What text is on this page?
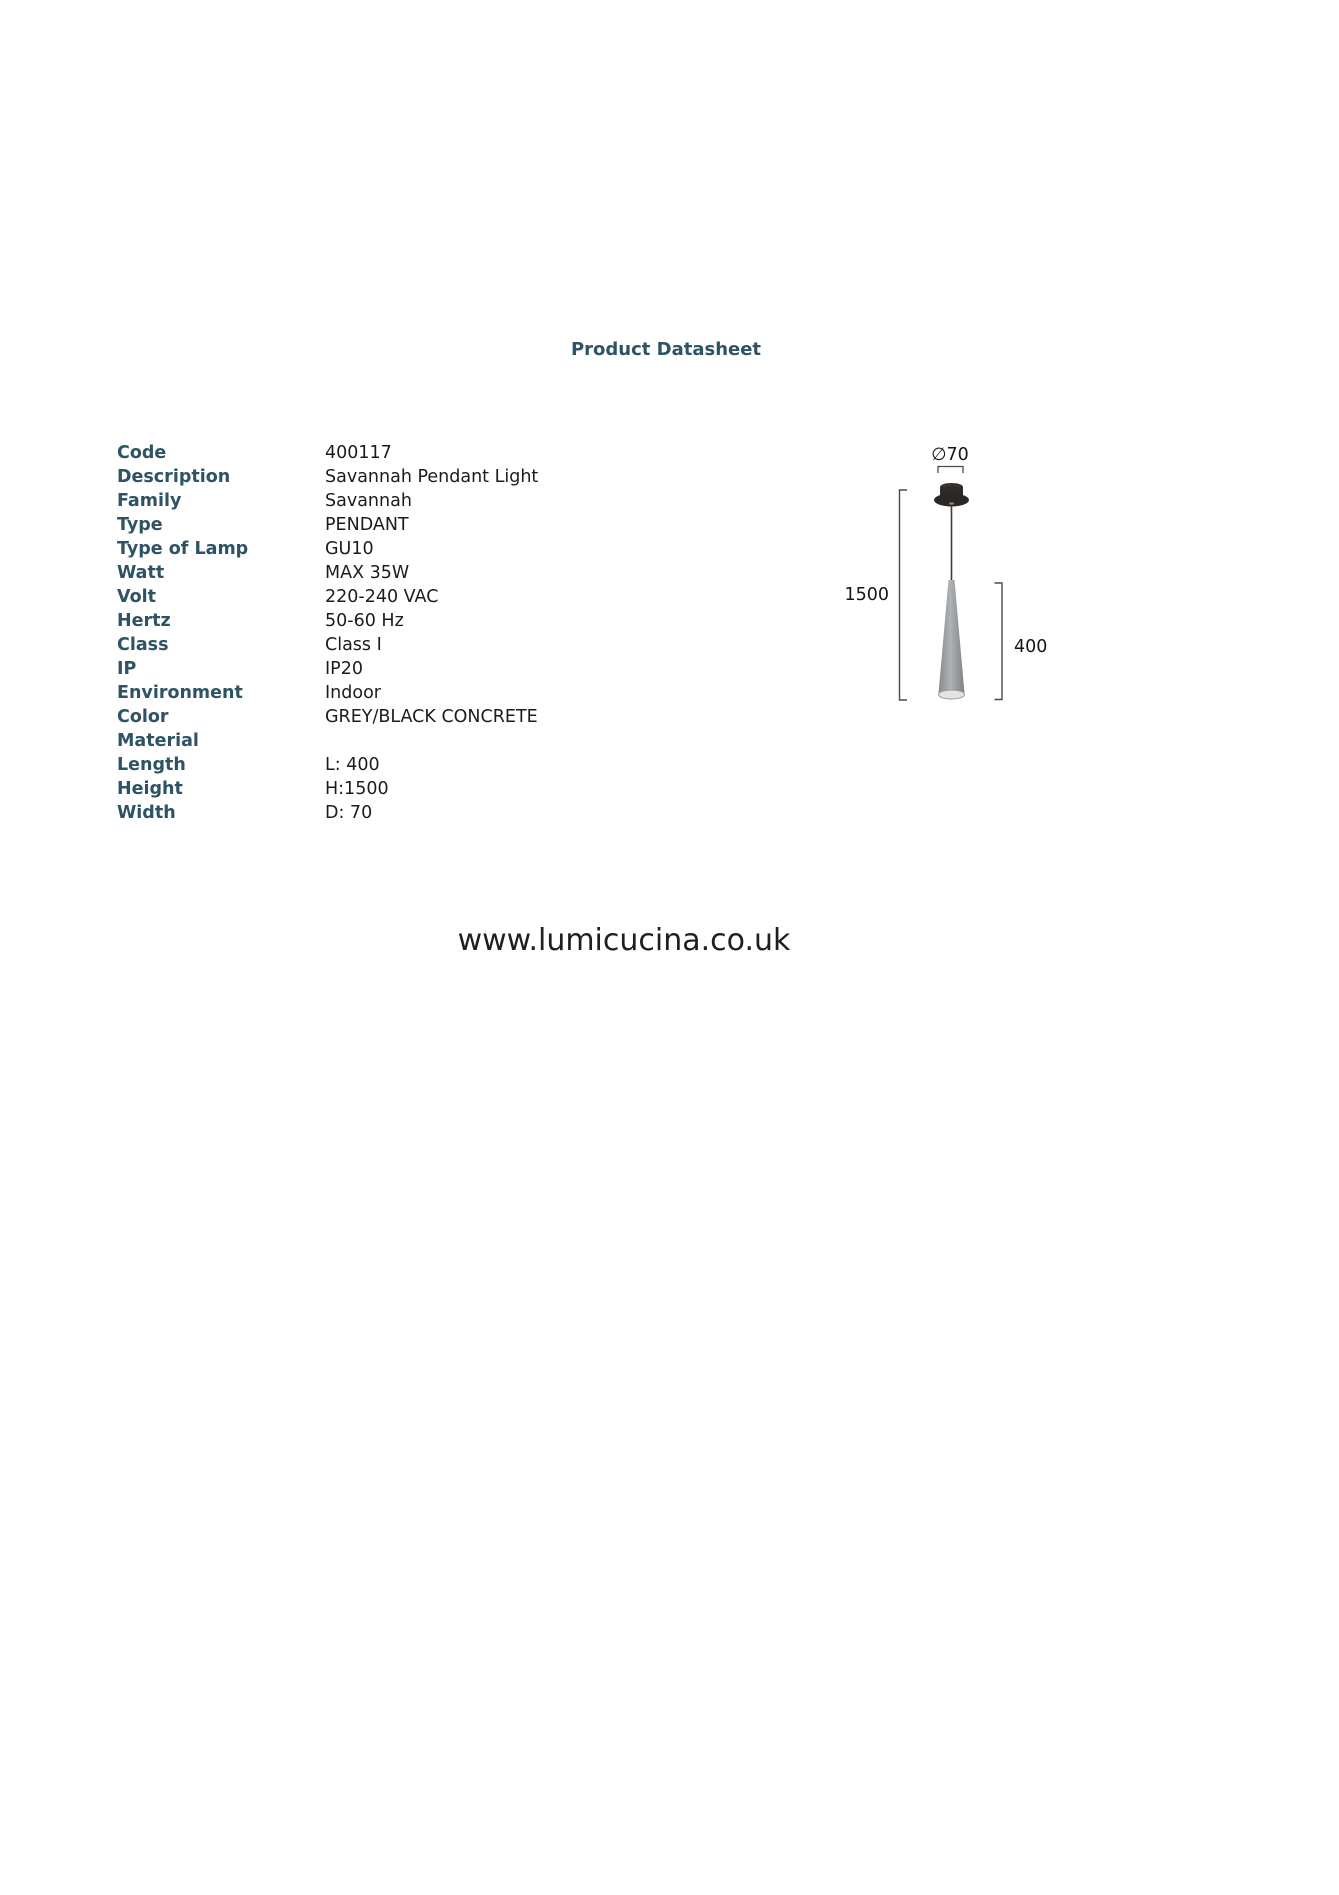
Product Datasheet
Code	400117
Description	Savannah Pendant Light
Family	Savannah
Type	PENDANT
Type of Lamp	GU10
Watt	MAX 35W
Volt	220-240 VAC
Hertz	50-60 Hz
Class	Class I
IP	IP20
Environment	Indoor
Color	GREY/BLACK CONCRETE
Material
Length	L: 400
Height	H:1500
Width	D: 70
∅70
1500
400
www.lumicucina.co.uk
